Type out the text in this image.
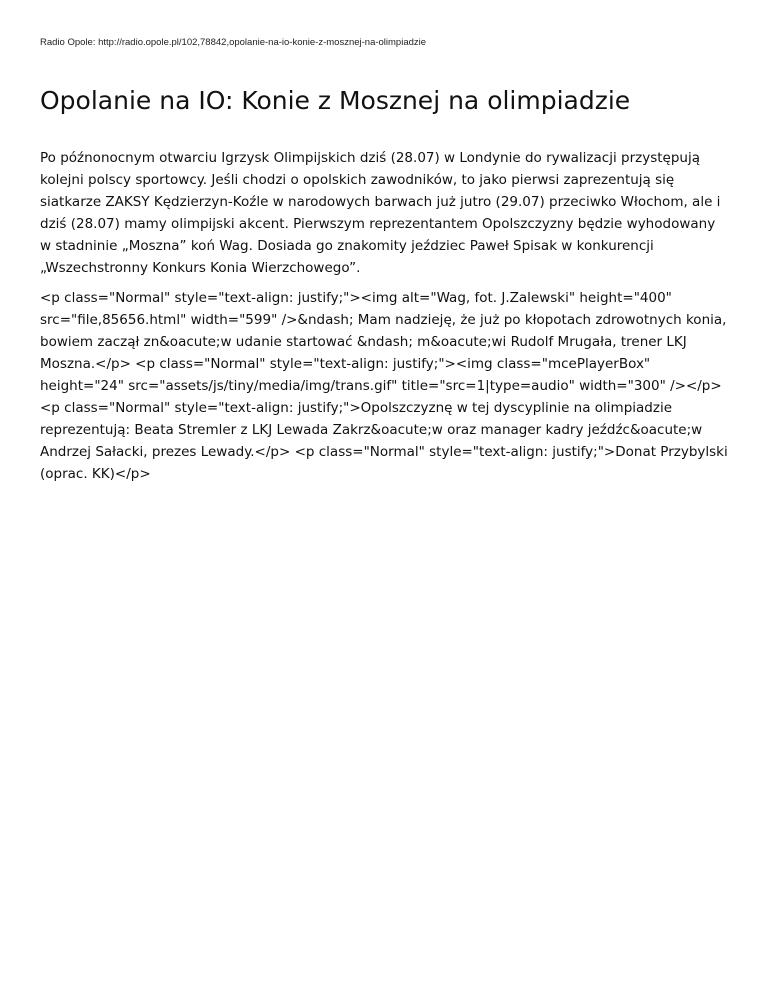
Radio Opole: http://radio.opole.pl/102,78842,opolanie-na-io-konie-z-mosznej-na-olimpiadzie
Opolanie na IO: Konie z Mosznej na olimpiadzie

Po późnonocnym otwarciu Igrzysk Olimpijskich dziś (28.07) w Londynie do rywalizacji przystępują kolejni polscy sportowcy. Jeśli chodzi o opolskich zawodników, to jako pierwsi zaprezentują się siatkarze ZAKSY Kędzierzyn-Koźle w narodowych barwach już jutro (29.07) przeciwko Włochom, ale i dziś (28.07) mamy olimpijski akcent. Pierwszym reprezentantem Opolszczyzny będzie wyhodowany w stadninie „Moszna” koń Wag. Dosiada go znakomity jeździec Paweł Spisak w konkurencji „Wszechstronny Konkurs Konia Wierzchowego”.

<p class="Normal" style="text-align: justify;"><img alt="Wag, fot. J.Zalewski" height="400" src="file,85656.html" width="599" />&ndash; Mam nadzieję, że już po kłopotach zdrowotnych konia, bowiem zaczął zn&oacute;w udanie startować &ndash; m&oacute;wi Rudolf Mrugała, trener LKJ Moszna.</p> <p class="Normal" style="text-align: justify;"><img class="mcePlayerBox" height="24" src="assets/js/tiny/media/img/trans.gif" title="src=1|type=audio" width="300" /></p> <p class="Normal" style="text-align: justify;">Opolszczyznę w tej dyscyplinie na olimpiadzie reprezentują: Beata Stremler z LKJ Lewada Zakrz&oacute;w oraz manager kadry jeźdźc&oacute;w Andrzej Sałacki, prezes Lewady.</p> <p class="Normal" style="text-align: justify;">Donat Przybylski (oprac. KK)</p>
